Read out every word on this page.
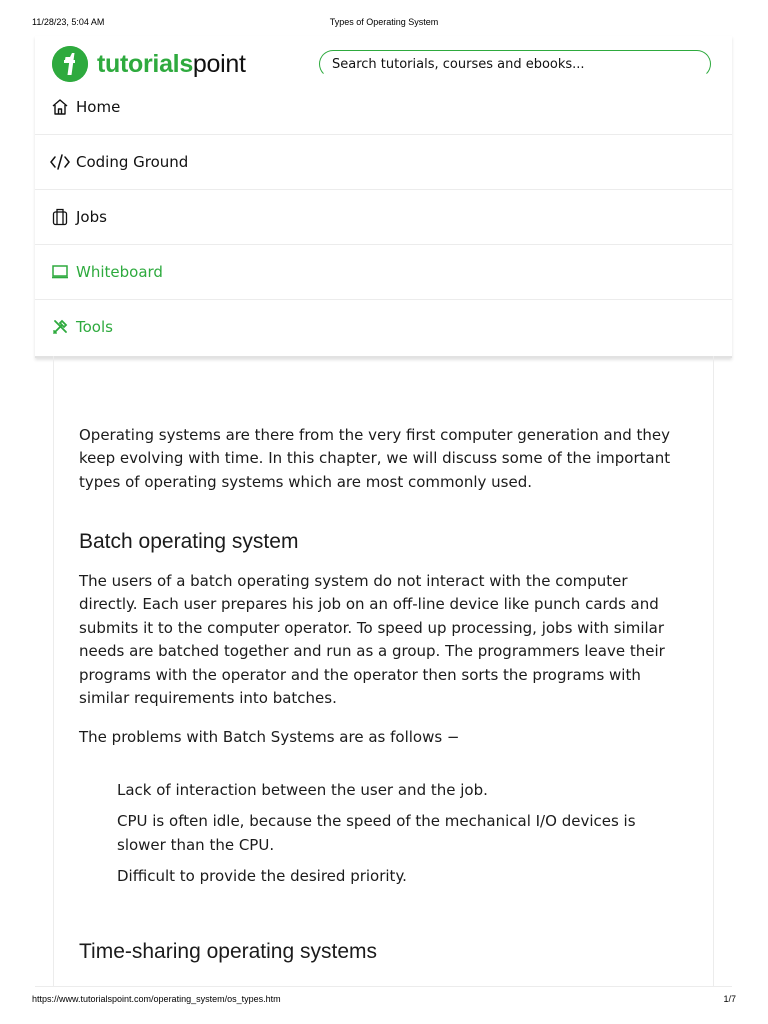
11/28/23, 5:04 AM	Types of Operating System
tutorialspoint	Search tutorials, courses and ebooks...
Home
Coding Ground
Jobs
Whiteboard
Tools

Operating systems are there from the very first computer generation and they keep evolving with time. In this chapter, we will discuss some of the important types of operating systems which are most commonly used.

Batch operating system

The users of a batch operating system do not interact with the computer directly. Each user prepares his job on an off-line device like punch cards and submits it to the computer operator. To speed up processing, jobs with similar needs are batched together and run as a group. The programmers leave their programs with the operator and the operator then sorts the programs with similar requirements into batches.

The problems with Batch Systems are as follows −

Lack of interaction between the user and the job.
CPU is often idle, because the speed of the mechanical I/O devices is slower than the CPU.
Difficult to provide the desired priority.
Time-sharing operating systems
https://www.tutorialspoint.com/operating_system/os_types.htm	1/7
